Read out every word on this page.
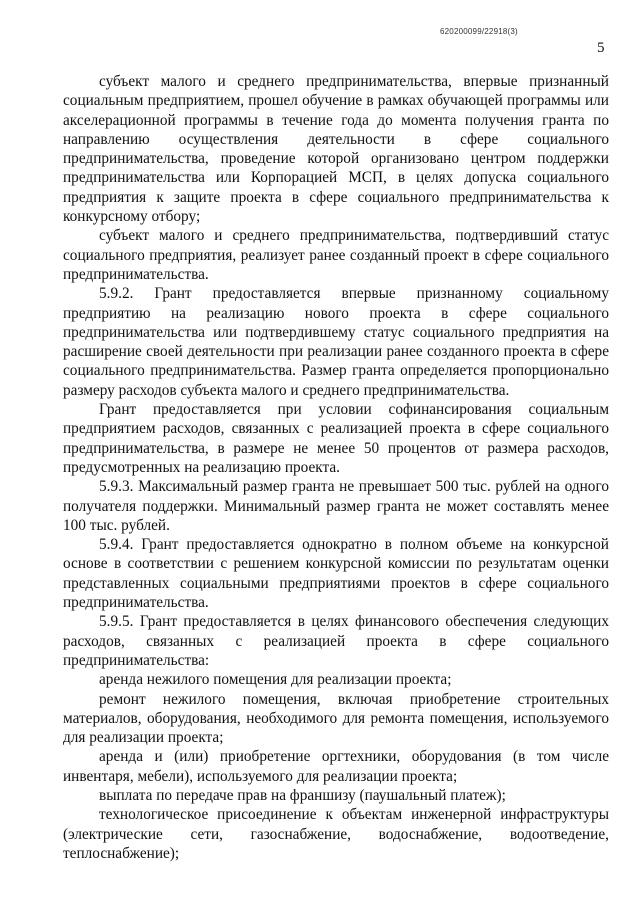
620200099/22918(3)
5

субъект малого и среднего предпринимательства, впервые признанный социальным предприятием, прошел обучение в рамках обучающей программы или акселерационной программы в течение года до момента получения гранта по направлению осуществления деятельности в сфере социального предпринимательства, проведение которой организовано центром поддержки предпринимательства или Корпорацией МСП, в целях допуска социального предприятия к защите проекта в сфере социального предпринимательства к конкурсному отбору;

субъект малого и среднего предпринимательства, подтвердивший статус социального предприятия, реализует ранее созданный проект в сфере социального предпринимательства.

5.9.2. Грант предоставляется впервые признанному социальному предприятию на реализацию нового проекта в сфере социального предпринимательства или подтвердившему статус социального предприятия на расширение своей деятельности при реализации ранее созданного проекта в сфере социального предпринимательства. Размер гранта определяется пропорционально размеру расходов субъекта малого и среднего предпринимательства.

Грант предоставляется при условии софинансирования социальным предприятием расходов, связанных с реализацией проекта в сфере социального предпринимательства, в размере не менее 50 процентов от размера расходов, предусмотренных на реализацию проекта.

5.9.3. Максимальный размер гранта не превышает 500 тыс. рублей на одного получателя поддержки. Минимальный размер гранта не может составлять менее 100 тыс. рублей.

5.9.4. Грант предоставляется однократно в полном объеме на конкурсной основе в соответствии с решением конкурсной комиссии по результатам оценки представленных социальными предприятиями проектов в сфере социального предпринимательства.

5.9.5. Грант предоставляется в целях финансового обеспечения следующих расходов, связанных с реализацией проекта в сфере социального предпринимательства:

аренда нежилого помещения для реализации проекта;

ремонт нежилого помещения, включая приобретение строительных материалов, оборудования, необходимого для ремонта помещения, используемого для реализации проекта;

аренда и (или) приобретение оргтехники, оборудования (в том числе инвентаря, мебели), используемого для реализации проекта;

выплата по передаче прав на франшизу (паушальный платеж);

технологическое присоединение к объектам инженерной инфраструктуры (электрические сети, газоснабжение, водоснабжение, водоотведение, теплоснабжение);
